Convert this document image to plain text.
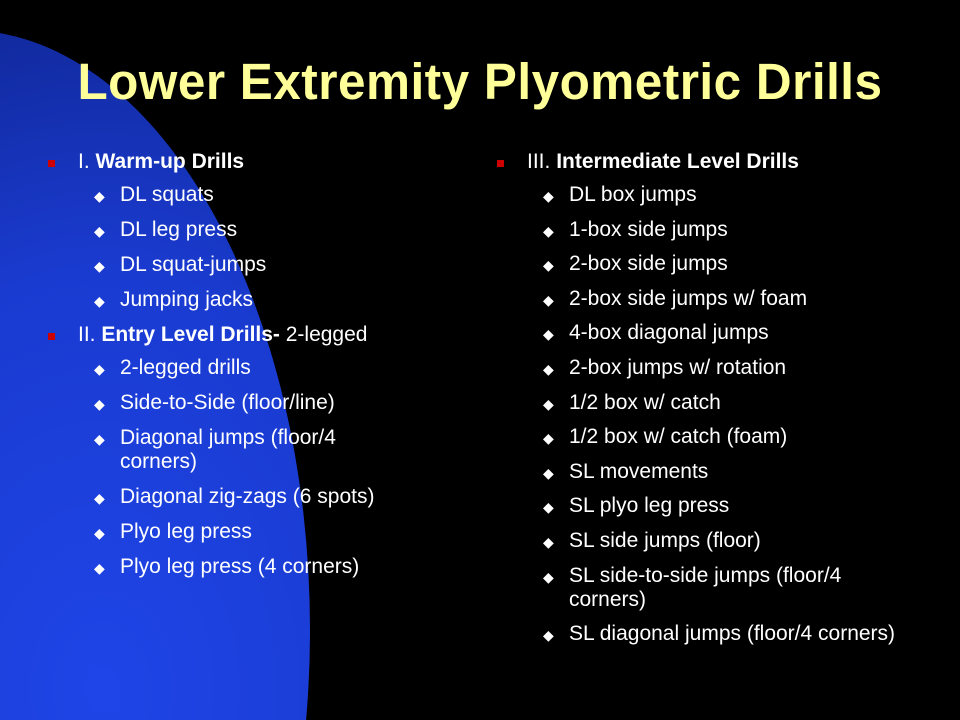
Lower Extremity Plyometric Drills
I. Warm-up Drills
◆ DL squats
◆ DL leg press
◆ DL squat-jumps
◆ Jumping jacks
II. Entry Level Drills- 2-legged
◆ 2-legged drills
◆ Side-to-Side (floor/line)
◆ Diagonal jumps (floor/4 corners)
◆ Diagonal zig-zags (6 spots)
◆ Plyo leg press
◆ Plyo leg press (4 corners)
III. Intermediate Level Drills
◆ DL box jumps
◆ 1-box side jumps
◆ 2-box side jumps
◆ 2-box side jumps w/ foam
◆ 4-box diagonal jumps
◆ 2-box jumps w/ rotation
◆ 1/2 box w/ catch
◆ 1/2 box w/ catch (foam)
◆ SL movements
◆ SL plyo leg press
◆ SL side jumps (floor)
◆ SL side-to-side jumps (floor/4 corners)
◆ SL diagonal jumps (floor/4 corners)
